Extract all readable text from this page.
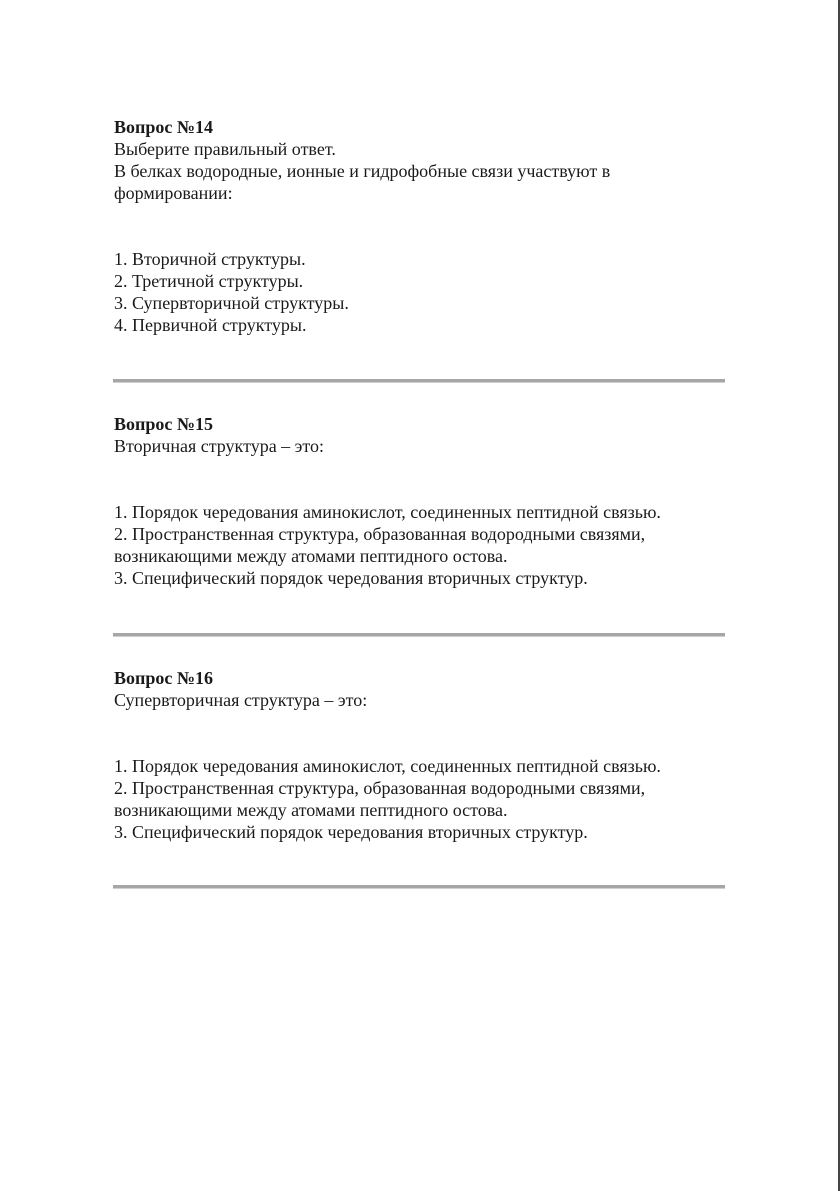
Вопрос №14

Выберите правильный ответ.

В белках водородные, ионные и гидрофобные связи участвуют в

формировании:

1. Вторичной структуры.

2. Третичной структуры.

3. Супервторичной структуры.

4. Первичной структуры.

Вопрос №15

Вторичная структура – это:

1. Порядок чередования аминокислот, соединенных пептидной связью.

2. Пространственная структура, образованная водородными связями,

возникающими между атомами пептидного остова.

3. Специфический порядок чередования вторичных структур.

Вопрос №16

Супервторичная структура – это:

1. Порядок чередования аминокислот, соединенных пептидной связью.

2. Пространственная структура, образованная водородными связями,

возникающими между атомами пептидного остова.

3. Специфический порядок чередования вторичных структур.
